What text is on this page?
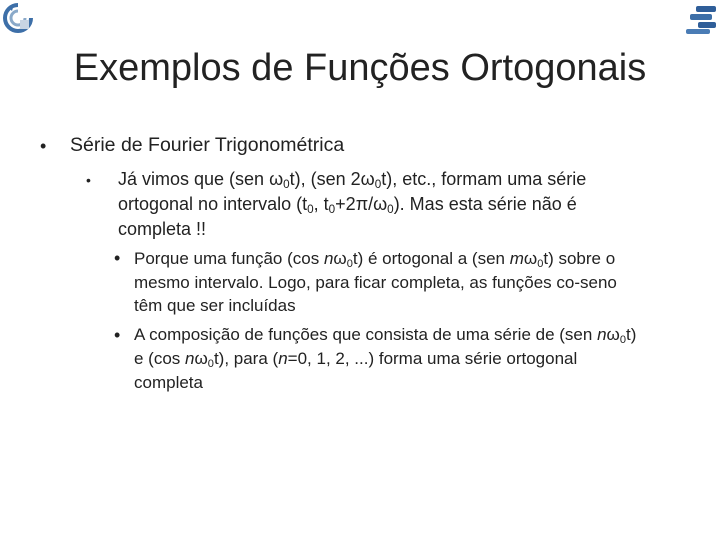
Exemplos de Funções Ortogonais
• Série de Fourier Trigonométrica
• Já vimos que (sen $\omega_0t$), (sen $2\omega_0t$), etc., formam uma série
ortogonal no intervalo ($t_0$, $t_0+2\pi/\omega_0$). Mas esta série não é
completa !!
• Porque uma função (cos $n\omega_0t$) é ortogonal a (sen $m\omega_0t$) sobre o
mesmo intervalo. Logo, para ficar completa, as funções co-seno
têm que ser incluídas
• A composição de funções que consista de uma série de (sen $n\omega_0t$)
e (cos $n\omega_0t$), para (n=0, 1, 2, ...) forma uma série ortogonal
completa
